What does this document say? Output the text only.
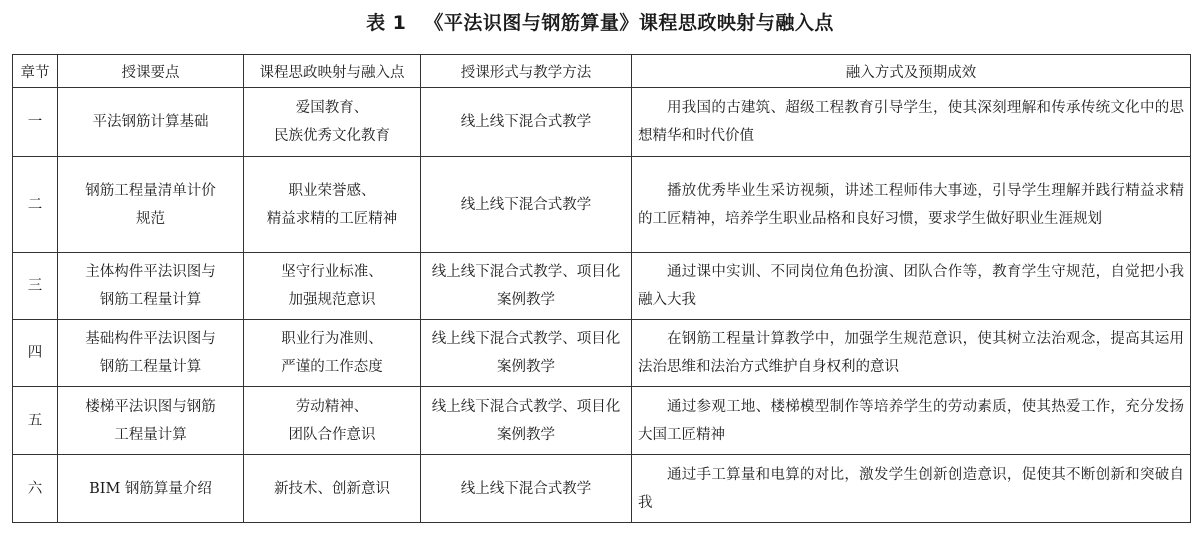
表 1 《平法识图与钢筋算量》课程思政映射与融入点
章节	授课要点	课程思政映射与融入点	授课形式与教学方法	融入方式及预期成效
一	平法钢筋计算基础	爱国教育、
民族优秀文化教育	线上线下混合式教学	用我国的古建筑、超级工程教育引导学生，使其深刻理解和传承传统文化中的思想精华和时代价值

二	钢筋工程量清单计价
规范	职业荣誉感、
精益求精的工匠精神	线上线下混合式教学	播放优秀毕业生采访视频，讲述工程师伟大事迹，引导学生理解并践行精益求精的工匠精神，培养学生职业品格和良好习惯，要求学生做好职业生涯规划

三	主体构件平法识图与
钢筋工程量计算	坚守行业标准、
加强规范意识	线上线下混合式教学、项目化
案例教学	通过课中实训、不同岗位角色扮演、团队合作等，教育学生守规范，自觉把小我融入大我

四	基础构件平法识图与
钢筋工程量计算	职业行为准则、
严谨的工作态度	线上线下混合式教学、项目化
案例教学	在钢筋工程量计算教学中，加强学生规范意识，使其树立法治观念，提高其运用法治思维和法治方式维护自身权利的意识

五	楼梯平法识图与钢筋
工程量计算	劳动精神、
团队合作意识	线上线下混合式教学、项目化
案例教学	通过参观工地、楼梯模型制作等培养学生的劳动素质，使其热爱工作，充分发扬大国工匠精神

六	BIM 钢筋算量介绍	新技术、创新意识	线上线下混合式教学	通过手工算量和电算的对比，激发学生创新创造意识，促使其不断创新和突破自我
